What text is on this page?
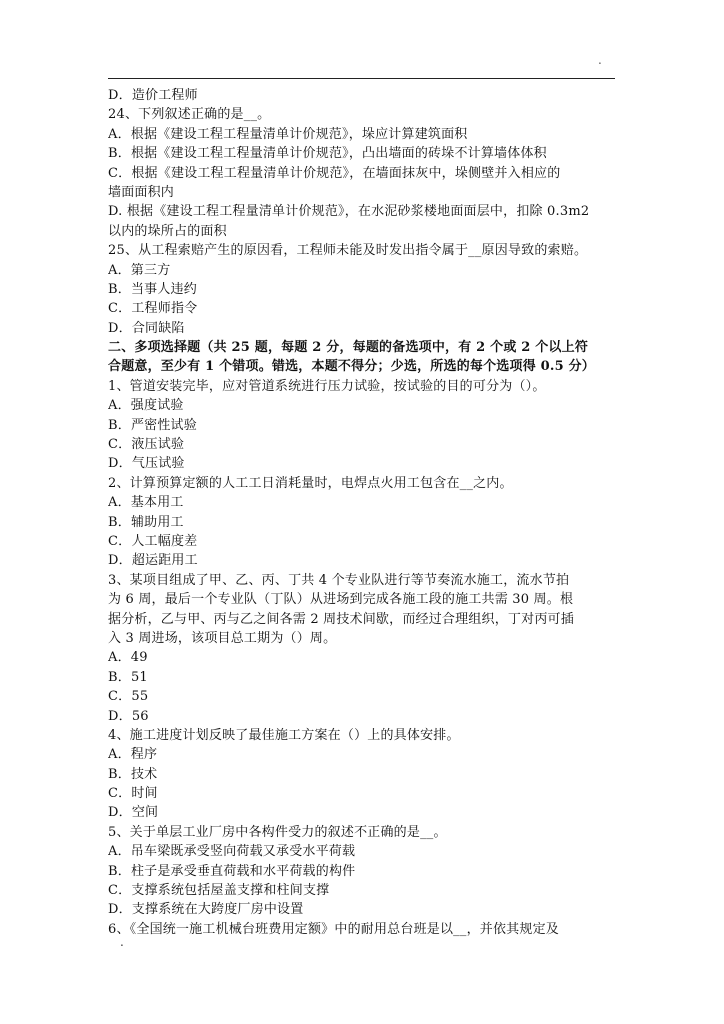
.
D．造价工程师
24、下列叙述正确的是__。
A．根据《建设工程工程量清单计价规范》，垛应计算建筑面积
B．根据《建设工程工程量清单计价规范》，凸出墙面的砖垛不计算墙体体积
C．根据《建设工程工程量清单计价规范》，在墙面抹灰中，垛侧壁并入相应的
墙面面积内
D. 根据《建设工程工程量清单计价规范》，在水泥砂浆楼地面面层中，扣除 0.3m2
以内的垛所占的面积
25、从工程索赔产生的原因看，工程师未能及时发出指令属于__原因导致的索赔。
A．第三方
B．当事人违约
C．工程师指令
D．合同缺陷
二、多项选择题（共 25 题，每题 2 分，每题的备选项中，有 2 个或 2 个以上符
合题意，至少有 1 个错项。错选，本题不得分；少选，所选的每个选项得 0.5 分）
1、管道安装完毕，应对管道系统进行压力试验，按试验的目的可分为（）。
A．强度试验
B．严密性试验
C．液压试验
D．气压试验
2、计算预算定额的人工工日消耗量时，电焊点火用工包含在__之内。
A．基本用工
B．辅助用工
C．人工幅度差
D．超运距用工
3、某项目组成了甲、乙、丙、丁共 4 个专业队进行等节奏流水施工，流水节拍
为 6 周，最后一个专业队（丁队）从进场到完成各施工段的施工共需 30 周。根
据分析，乙与甲、丙与乙之间各需 2 周技术间歇，而经过合理组织，丁对丙可插
入 3 周进场，该项目总工期为（）周。
A．49
B．51
C．55
D．56
4、施工进度计划反映了最佳施工方案在（）上的具体安排。
A．程序
B．技术
C．时间
D．空间
5、关于单层工业厂房中各构件受力的叙述不正确的是__。
A．吊车梁既承受竖向荷载又承受水平荷载
B．柱子是承受垂直荷载和水平荷载的构件
C．支撑系统包括屋盖支撑和柱间支撑
D．支撑系统在大跨度厂房中设置
6、《全国统一施工机械台班费用定额》中的耐用总台班是以__，并依其规定及
.
